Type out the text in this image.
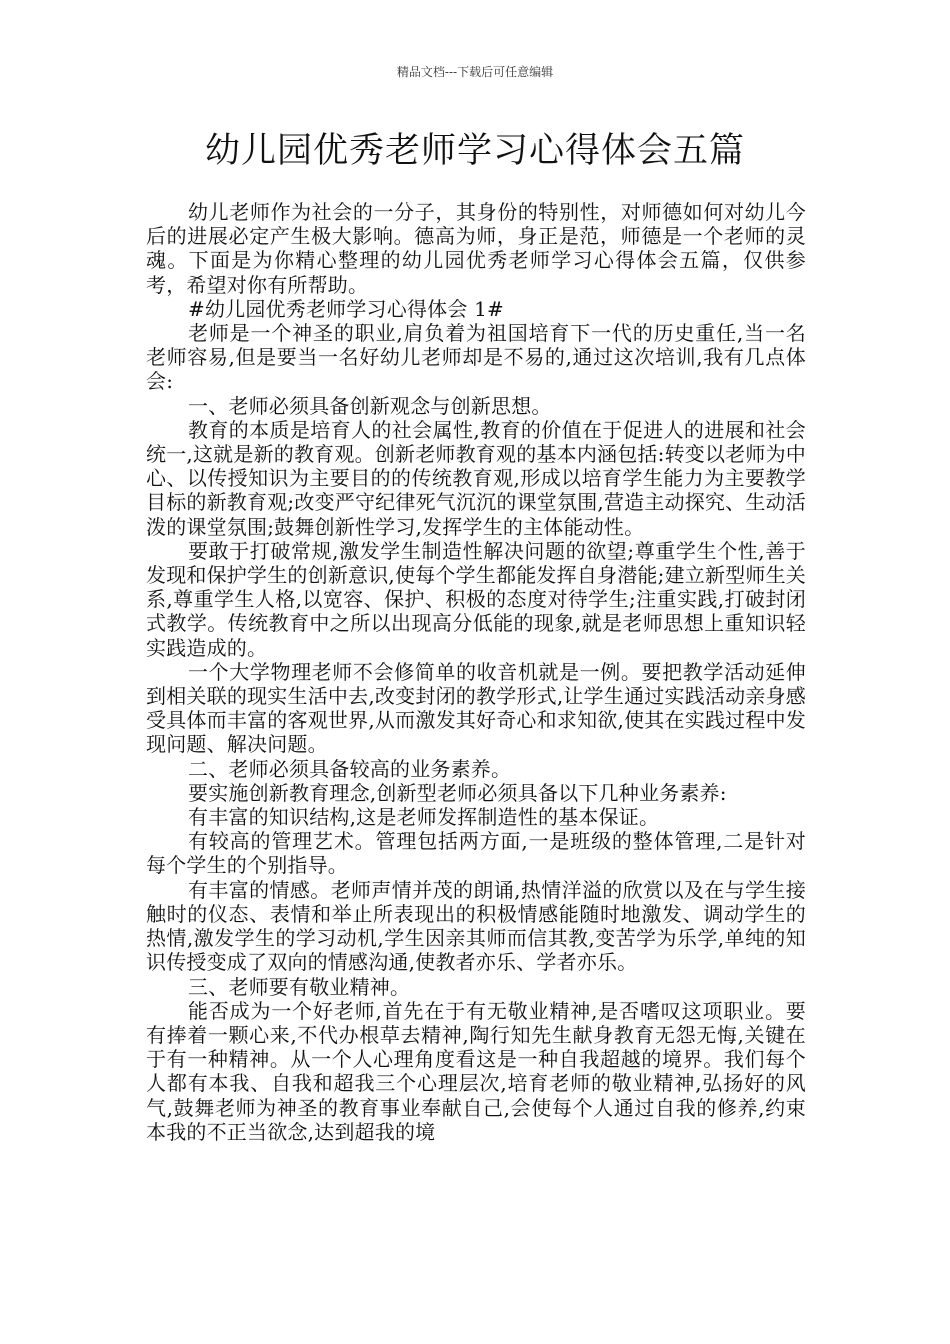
精品文档---下载后可任意编辑
幼儿园优秀老师学习心得体会五篇

幼儿老师作为社会的一分子，其身份的特别性，对师德如何对幼儿今后的进展必定产生极大影响。德高为师，身正是范，师德是一个老师的灵魂。下面是为你精心整理的幼儿园优秀老师学习心得体会五篇，仅供参考，希望对你有所帮助。

#幼儿园优秀老师学习心得体会 1#

老师是一个神圣的职业,肩负着为祖国培育下一代的历史重任,当一名老师容易,但是要当一名好幼儿老师却是不易的,通过这次培训,我有几点体会:

一、老师必须具备创新观念与创新思想。

教育的本质是培育人的社会属性,教育的价值在于促进人的进展和社会统一,这就是新的教育观。创新老师教育观的基本内涵包括:转变以老师为中心、以传授知识为主要目的的传统教育观,形成以培育学生能力为主要教学目标的新教育观;改变严守纪律死气沉沉的课堂氛围,营造主动探究、生动活泼的课堂氛围;鼓舞创新性学习,发挥学生的主体能动性。

要敢于打破常规,激发学生制造性解决问题的欲望;尊重学生个性,善于发现和保护学生的创新意识,使每个学生都能发挥自身潜能;建立新型师生关系,尊重学生人格,以宽容、保护、积极的态度对待学生;注重实践,打破封闭式教学。传统教育中之所以出现高分低能的现象,就是老师思想上重知识轻实践造成的。

一个大学物理老师不会修简单的收音机就是一例。要把教学活动延伸到相关联的现实生活中去,改变封闭的教学形式,让学生通过实践活动亲身感受具体而丰富的客观世界,从而激发其好奇心和求知欲,使其在实践过程中发现问题、解决问题。

二、老师必须具备较高的业务素养。

要实施创新教育理念,创新型老师必须具备以下几种业务素养:

有丰富的知识结构,这是老师发挥制造性的基本保证。

有较高的管理艺术。管理包括两方面,一是班级的整体管理,二是针对每个学生的个别指导。

有丰富的情感。老师声情并茂的朗诵,热情洋溢的欣赏以及在与学生接触时的仪态、表情和举止所表现出的积极情感能随时地激发、调动学生的热情,激发学生的学习动机,学生因亲其师而信其教,变苦学为乐学,单纯的知识传授变成了双向的情感沟通,使教者亦乐、学者亦乐。

三、老师要有敬业精神。

能否成为一个好老师,首先在于有无敬业精神,是否嗜叹这项职业。要有捧着一颗心来,不代办根草去精神,陶行知先生献身教育无怨无悔,关键在于有一种精神。从一个人心理角度看这是一种自我超越的境界。我们每个人都有本我、自我和超我三个心理层次,培育老师的敬业精神,弘扬好的风气,鼓舞老师为神圣的教育事业奉献自己,会使每个人通过自我的修养,约束本我的不正当欲念,达到超我的境
